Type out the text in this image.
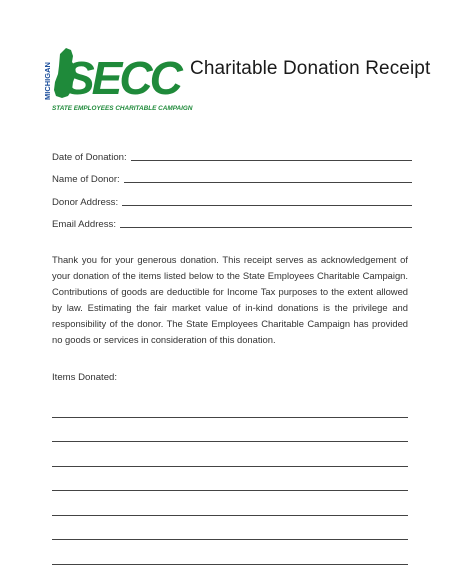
MICHIGAN SECC
STATE EMPLOYEES CHARITABLE CAMPAIGN
Charitable Donation Receipt
Date of Donation:
Name of Donor:
Donor Address:
Email Address:
Thank you for your generous donation. This receipt serves as acknowledgement of your donation of the items listed below to the State Employees Charitable Campaign. Contributions of goods are deductible for Income Tax purposes to the extent allowed by law. Estimating the fair market value of in-kind donations is the privilege and responsibility of the donor. The State Employees Charitable Campaign has provided no goods or services in consideration of this donation.
Items Donated:
